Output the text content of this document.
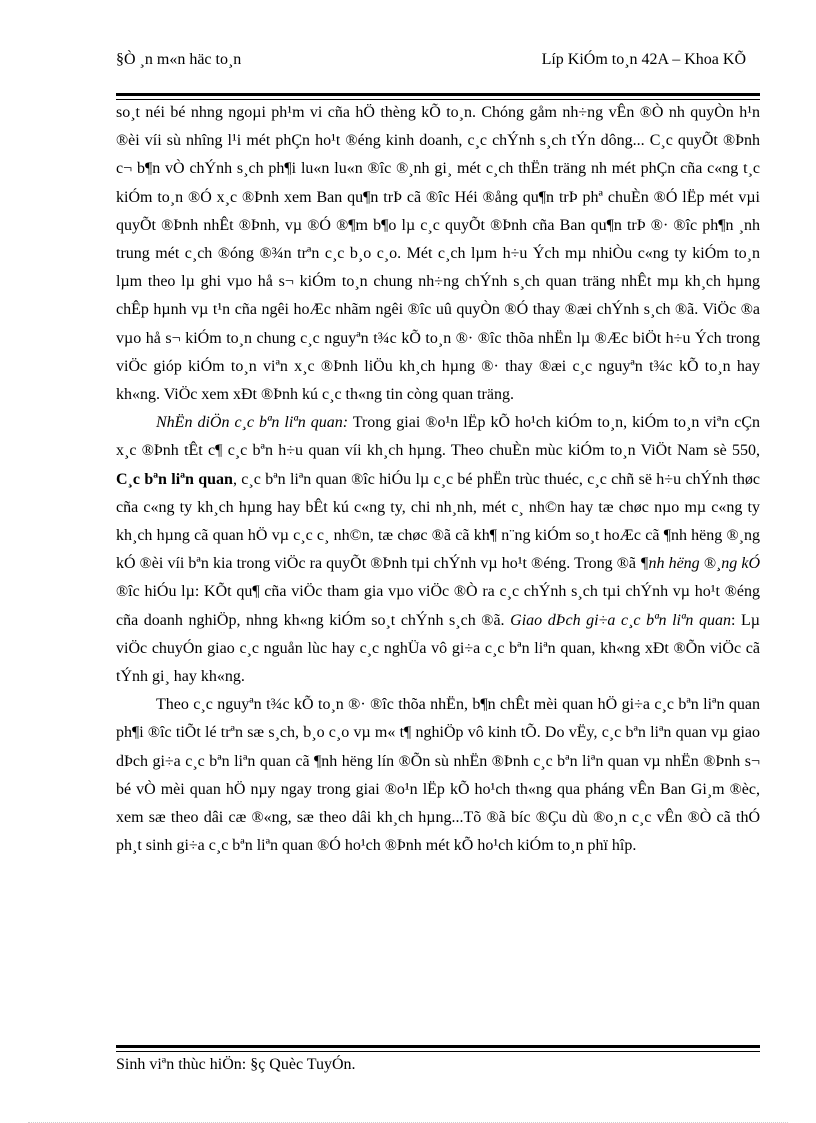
§Ò ¸n m«n häc to¸n	Líp KiÓm to¸n 42A – Khoa KÕ

so¸t néi bé nhng ngoµi ph¹m vi cña hÖ thèng kÕ to¸n. Chóng gåm nh÷ng vÊn ®Ò nh quyÒn h¹n ®èi víi sù nhîng l¹i mét phÇn ho¹t ®éng kinh doanh, c¸c chÝnh s¸ch tÝn dông... C¸c quyÕt ®Þnh c¬ b¶n vÒ chÝnh s¸ch ph¶i lu«n lu«n ®îc ®¸nh gi¸ mét c¸ch thËn träng nh mét phÇn cña c«ng t¸c kiÓm to¸n ®Ó x¸c ®Þnh xem Ban qu¶n trÞ cã ®îc Héi ®ång qu¶n trÞ phª chuÈn ®Ó lËp mét vµi quyÕt ®Þnh nhÊt ®Þnh, vµ ®Ó ®¶m b¶o lµ c¸c quyÕt ®Þnh cña Ban qu¶n trÞ ®· ®îc ph¶n ¸nh trung mét c¸ch ®óng ®¾n trªn c¸c b¸o c¸o. Mét c¸ch lµm h÷u Ých mµ nhiÒu c«ng ty kiÓm to¸n lµm theo lµ ghi vµo hå s¬ kiÓm to¸n chung nh÷ng chÝnh s¸ch quan träng nhÊt mµ kh¸ch hµng chÊp hµnh vµ t¹n cña ngêi hoÆc nhãm ngêi ®îc uû quyÒn ®Ó thay ®æi chÝnh s¸ch ®ã. ViÖc ®a vµo hå s¬ kiÓm to¸n chung c¸c nguyªn t¾c kÕ to¸n ®· ®îc thõa nhËn lµ ®Æc biÖt h÷u Ých trong viÖc gióp kiÓm to¸n viªn x¸c ®Þnh liÖu kh¸ch hµng ®· thay ®æi c¸c nguyªn t¾c kÕ to¸n hay kh«ng. ViÖc xem xÐt ®Þnh kú c¸c th«ng tin còng quan träng.

NhËn diÖn c¸c bªn liªn quan: Trong giai ®o¹n lËp kÕ ho¹ch kiÓm to¸n, kiÓm to¸n viªn cÇn x¸c ®Þnh tÊt c¶ c¸c bªn h÷u quan víi kh¸ch hµng. Theo chuÈn mùc kiÓm to¸n ViÖt Nam sè 550, C¸c bªn liªn quan, c¸c bªn liªn quan ®îc hiÓu lµ c¸c bé phËn trùc thuéc, c¸c chñ së h÷u chÝnh thøc cña c«ng ty kh¸ch hµng hay bÊt kú c«ng ty, chi nh¸nh, mét c¸ nh©n hay tæ chøc nµo mµ c«ng ty kh¸ch hµng cã quan hÖ vµ c¸c c¸ nh©n, tæ chøc ®ã cã kh¶ n¨ng kiÓm so¸t hoÆc cã ¶nh hëng ®¸ng kÓ ®èi víi bªn kia trong viÖc ra quyÕt ®Þnh tµi chÝnh vµ ho¹t ®éng. Trong ®ã ¶nh hëng ®¸ng kÓ ®îc hiÓu lµ: KÕt qu¶ cña viÖc tham gia vµo viÖc ®Ò ra c¸c chÝnh s¸ch tµi chÝnh vµ ho¹t ®éng cña doanh nghiÖp, nhng kh«ng kiÓm so¸t chÝnh s¸ch ®ã. Giao dÞch gi÷a c¸c bªn liªn quan: Lµ viÖc chuyÓn giao c¸c nguån lùc hay c¸c nghÜa vô gi÷a c¸c bªn liªn quan, kh«ng xÐt ®Õn viÖc cã tÝnh gi¸ hay kh«ng.

Theo c¸c nguyªn t¾c kÕ to¸n ®· ®îc thõa nhËn, b¶n chÊt mèi quan hÖ gi÷a c¸c bªn liªn quan ph¶i ®îc tiÕt lé trªn sæ s¸ch, b¸o c¸o vµ m« t¶ nghiÖp vô kinh tÕ. Do vËy, c¸c bªn liªn quan vµ giao dÞch gi÷a c¸c bªn liªn quan cã ¶nh hëng lín ®Õn sù nhËn ®Þnh c¸c bªn liªn quan vµ nhËn ®Þnh s¬ bé vÒ mèi quan hÖ nµy ngay trong giai ®o¹n lËp kÕ ho¹ch th«ng qua pháng vÊn Ban Gi¸m ®èc, xem sæ theo dâi cæ ®«ng, sæ theo dâi kh¸ch hµng...Tõ ®ã bíc ®Çu dù ®o¸n c¸c vÊn ®Ò cã thÓ ph¸t sinh gi÷a c¸c bªn liªn quan ®Ó ho¹ch ®Þnh mét kÕ ho¹ch kiÓm to¸n phï hîp.

Sinh viªn thùc hiÖn: §ç Quèc TuyÓn.
